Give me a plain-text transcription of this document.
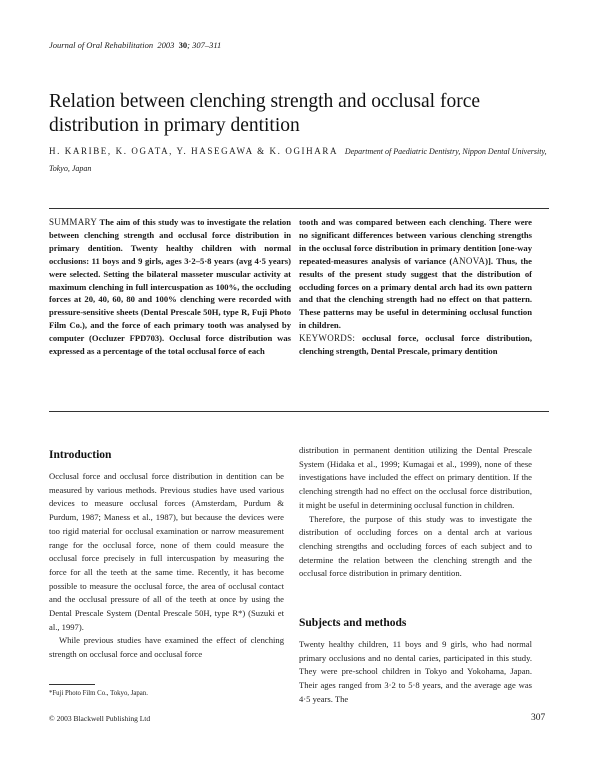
Journal of Oral Rehabilitation 2003 30; 307–311
Relation between clenching strength and occlusal force distribution in primary dentition
H. KARIBE, K. OGATA, Y. HASEGAWA & K. OGIHARA Department of Paediatric Dentistry, Nippon Dental University, Tokyo, Japan
SUMMARY The aim of this study was to investigate the relation between clenching strength and occlusal force distribution in primary dentition. Twenty healthy children with normal occlusions: 11 boys and 9 girls, ages 3·2–5·8 years (avg 4·5 years) were selected. Setting the bilateral masseter muscular activity at maximum clenching in full intercuspation as 100%, the occluding forces at 20, 40, 60, 80 and 100% clenching were recorded with pressure-sensitive sheets (Dental Prescale 50H, type R, Fuji Photo Film Co.), and the force of each primary tooth was analysed by computer (Occluzer FPD703). Occlusal force distribution was expressed as a percentage of the total occlusal force of each
tooth and was compared between each clenching. There were no significant differences between various clenching strengths in the occlusal force distribution in primary dentition [one-way repeated-measures analysis of variance (ANOVA)]. Thus, the results of the present study suggest that the distribution of occluding forces on a primary dental arch had its own pattern and that the clenching strength had no effect on that pattern. These patterns may be useful in determining occlusal function in children.
KEYWORDS: occlusal force, occlusal force distribution, clenching strength, Dental Prescale, primary dentition
Introduction

Occlusal force and occlusal force distribution in dentition can be measured by various methods. Previous studies have used various devices to measure occlusal forces (Amsterdam, Purdum & Purdum, 1987; Maness et al., 1987), but because the devices were too rigid material for occlusal examination or narrow measurement range for the occlusal force, none of them could measure the occlusal force precisely in full intercuspation by measuring the force for all the teeth at the same time. Recently, it has become possible to measure the occlusal force, the area of occlusal contact and the occlusal pressure of all of the teeth at once by using the Dental Prescale System (Dental Prescale 50H, type R*) (Suzuki et al., 1997).

While previous studies have examined the effect of clenching strength on occlusal force and occlusal force

distribution in permanent dentition utilizing the Dental Prescale System (Hidaka et al., 1999; Kumagai et al., 1999), none of these investigations have included the effect on primary dentition. If the clenching strength had no effect on the occlusal force distribution, it might be useful in determining occlusal function in children.

Therefore, the purpose of this study was to investigate the distribution of occluding forces on a dental arch at various clenching strengths and occluding forces of each subject and to determine the relation between the clenching strength and the occlusal force distribution in primary dentition.

Subjects and methods

Twenty healthy children, 11 boys and 9 girls, who had normal primary occlusions and no dental caries, participated in this study. They were pre-school children in Tokyo and Yokohama, Japan. Their ages ranged from 3·2 to 5·8 years, and the average age was 4·5 years. The

*Fuji Photo Film Co., Tokyo, Japan.
© 2003 Blackwell Publishing Ltd	307
